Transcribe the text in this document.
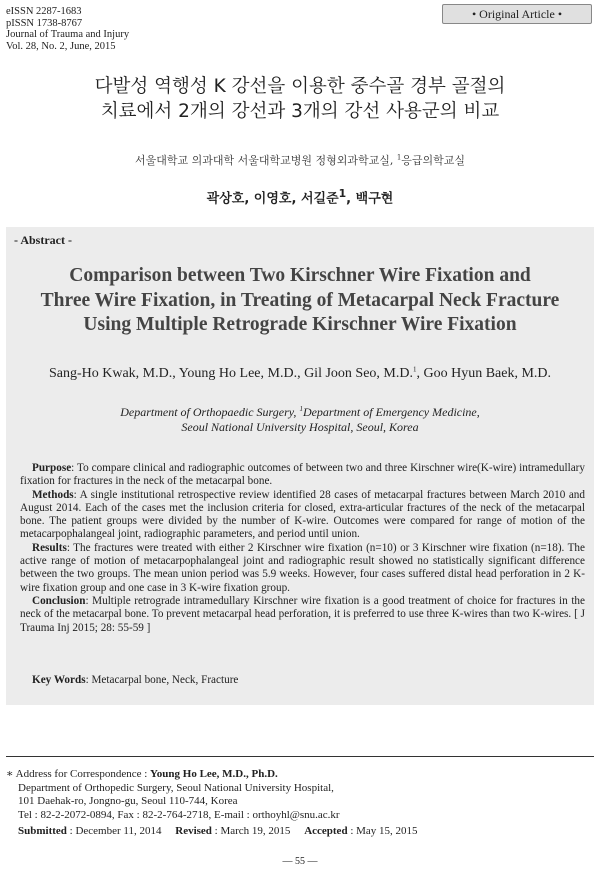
eISSN 2287-1683
pISSN 1738-8767
Journal of Trauma and Injury
Vol. 28, No. 2, June, 2015
• Original Article •
다발성 역행성 K 강선을 이용한 중수골 경부 골절의
치료에서 2개의 강선과 3개의 강선 사용군의 비교
서울대학교 의과대학 서울대학교병원 정형외과학교실, $^1$응급의학교실
곽상호, 이영호, 서길준$^1$, 백구현
- Abstract -
Comparison between Two Kirschner Wire Fixation and
Three Wire Fixation, in Treating of Metacarpal Neck Fracture
Using Multiple Retrograde Kirschner Wire Fixation
Sang-Ho Kwak, M.D., Young Ho Lee, M.D., Gil Joon Seo, M.D.$^1$, Goo Hyun Baek, M.D.
Department of Orthopaedic Surgery, $^1$Department of Emergency Medicine,
Seoul National University Hospital, Seoul, Korea

Purpose: To compare clinical and radiographic outcomes of between two and three Kirschner wire(K-wire) intramedullary fixation for fractures in the neck of the metacarpal bone.

Methods: A single institutional retrospective review identified 28 cases of metacarpal fractures between March 2010 and August 2014. Each of the cases met the inclusion criteria for closed, extra-articular fractures of the neck of the metacarpal bone. The patient groups were divided by the number of K-wire. Outcomes were compared for range of motion of the metacarpophalangeal joint, radiographic parameters, and period until union.

Results: The fractures were treated with either 2 Kirschner wire fixation (n=10) or 3 Kirschner wire fixation (n=18). The active range of motion of metacarpophalangeal joint and radiographic result showed no statistically significant difference between the two groups. The mean union period was 5.9 weeks. However, four cases suffered distal head perforation in 2 K-wire fixation group and one case in 3 K-wire fixation group.

Conclusion: Multiple retrograde intramedullary Kirschner wire fixation is a good treatment of choice for fractures in the neck of the metacarpal bone. To prevent metacarpal head perforation, it is preferred to use three K-wires than two K-wires. [ J Trauma Inj 2015; 28: 55-59 ]

Key Words: Metacarpal bone, Neck, Fracture
∗ Address for Correspondence : Young Ho Lee, M.D., Ph.D.
Department of Orthopedic Surgery, Seoul National University Hospital,
101 Daehak-ro, Jongno-gu, Seoul 110-744, Korea
Tel : 82-2-2072-0894, Fax : 82-2-764-2718, E-mail : orthoyhl@snu.ac.kr
Submitted : December 11, 2014 Revised : March 19, 2015 Accepted : May 15, 2015
— 55 —
